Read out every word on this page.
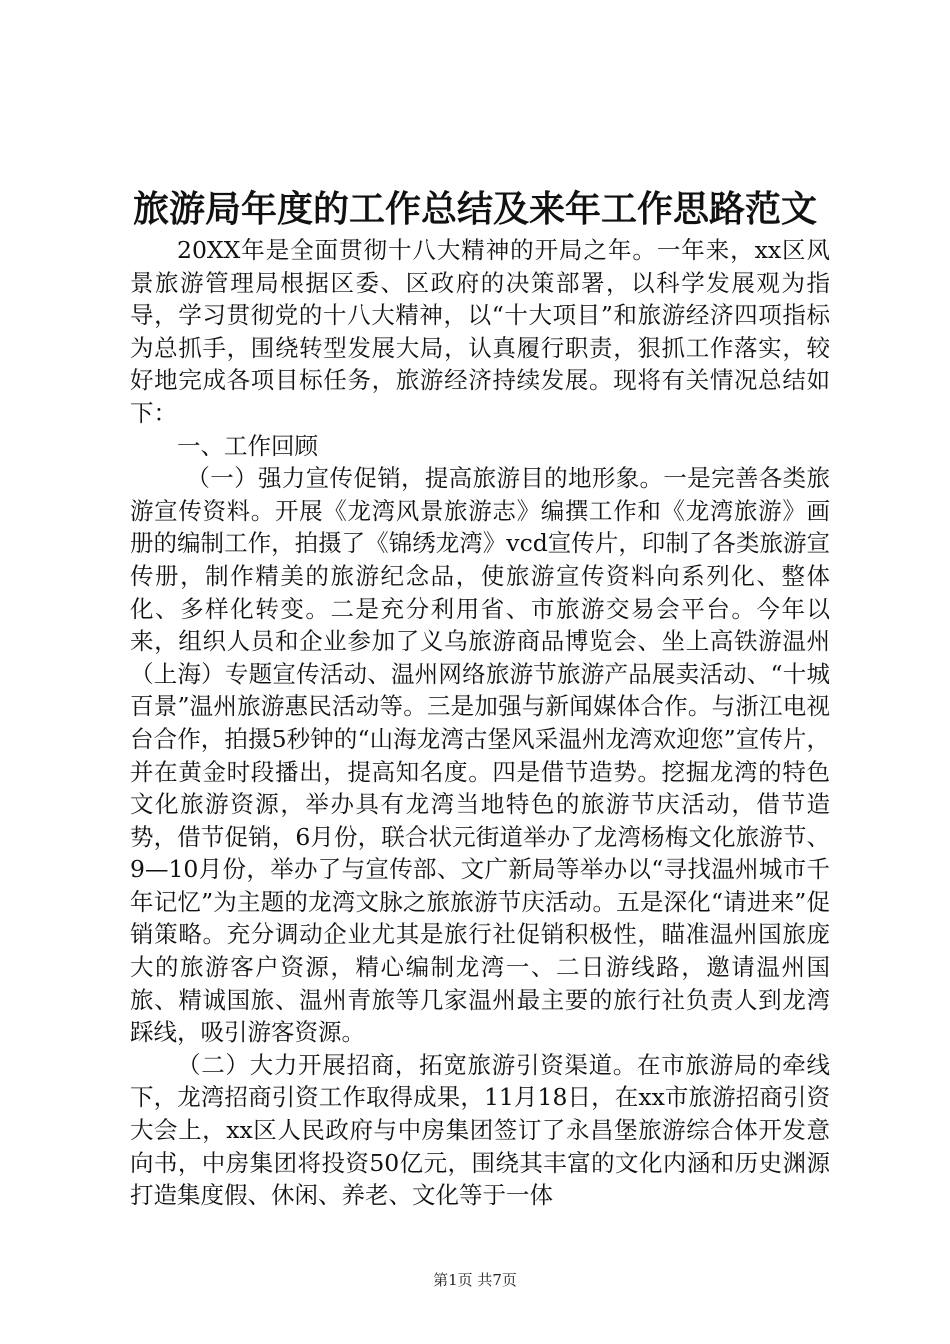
旅游局年度的工作总结及来年工作思路范文

20XX年是全面贯彻十八大精神的开局之年。一年来，xx区风景旅游管理局根据区委、区政府的决策部署，以科学发展观为指导，学习贯彻党的十八大精神，以“十大项目”和旅游经济四项指标为总抓手，围绕转型发展大局，认真履行职责，狠抓工作落实，较好地完成各项目标任务，旅游经济持续发展。现将有关情况总结如下：

一、工作回顾

（一）强力宣传促销，提高旅游目的地形象。一是完善各类旅游宣传资料。开展《龙湾风景旅游志》编撰工作和《龙湾旅游》画册的编制工作，拍摄了《锦绣龙湾》vcd宣传片，印制了各类旅游宣传册，制作精美的旅游纪念品，使旅游宣传资料向系列化、整体化、多样化转变。二是充分利用省、市旅游交易会平台。今年以来，组织人员和企业参加了义乌旅游商品博览会、坐上高铁游温州（上海）专题宣传活动、温州网络旅游节旅游产品展卖活动、“十城百景”温州旅游惠民活动等。三是加强与新闻媒体合作。与浙江电视台合作，拍摄5秒钟的“山海龙湾古堡风采温州龙湾欢迎您”宣传片，并在黄金时段播出，提高知名度。四是借节造势。挖掘龙湾的特色文化旅游资源，举办具有龙湾当地特色的旅游节庆活动，借节造势，借节促销，6月份，联合状元街道举办了龙湾杨梅文化旅游节、9—10月份，举办了与宣传部、文广新局等举办以“寻找温州城市千年记忆”为主题的龙湾文脉之旅旅游节庆活动。五是深化“请进来”促销策略。充分调动企业尤其是旅行社促销积极性，瞄准温州国旅庞大的旅游客户资源，精心编制龙湾一、二日游线路，邀请温州国旅、精诚国旅、温州青旅等几家温州最主要的旅行社负责人到龙湾踩线，吸引游客资源。

（二）大力开展招商，拓宽旅游引资渠道。在市旅游局的牵线下，龙湾招商引资工作取得成果，11月18日，在xx市旅游招商引资大会上，xx区人民政府与中房集团签订了永昌堡旅游综合体开发意向书，中房集团将投资50亿元，围绕其丰富的文化内涵和历史渊源打造集度假、休闲、养老、文化等于一体

第1页 共7页
